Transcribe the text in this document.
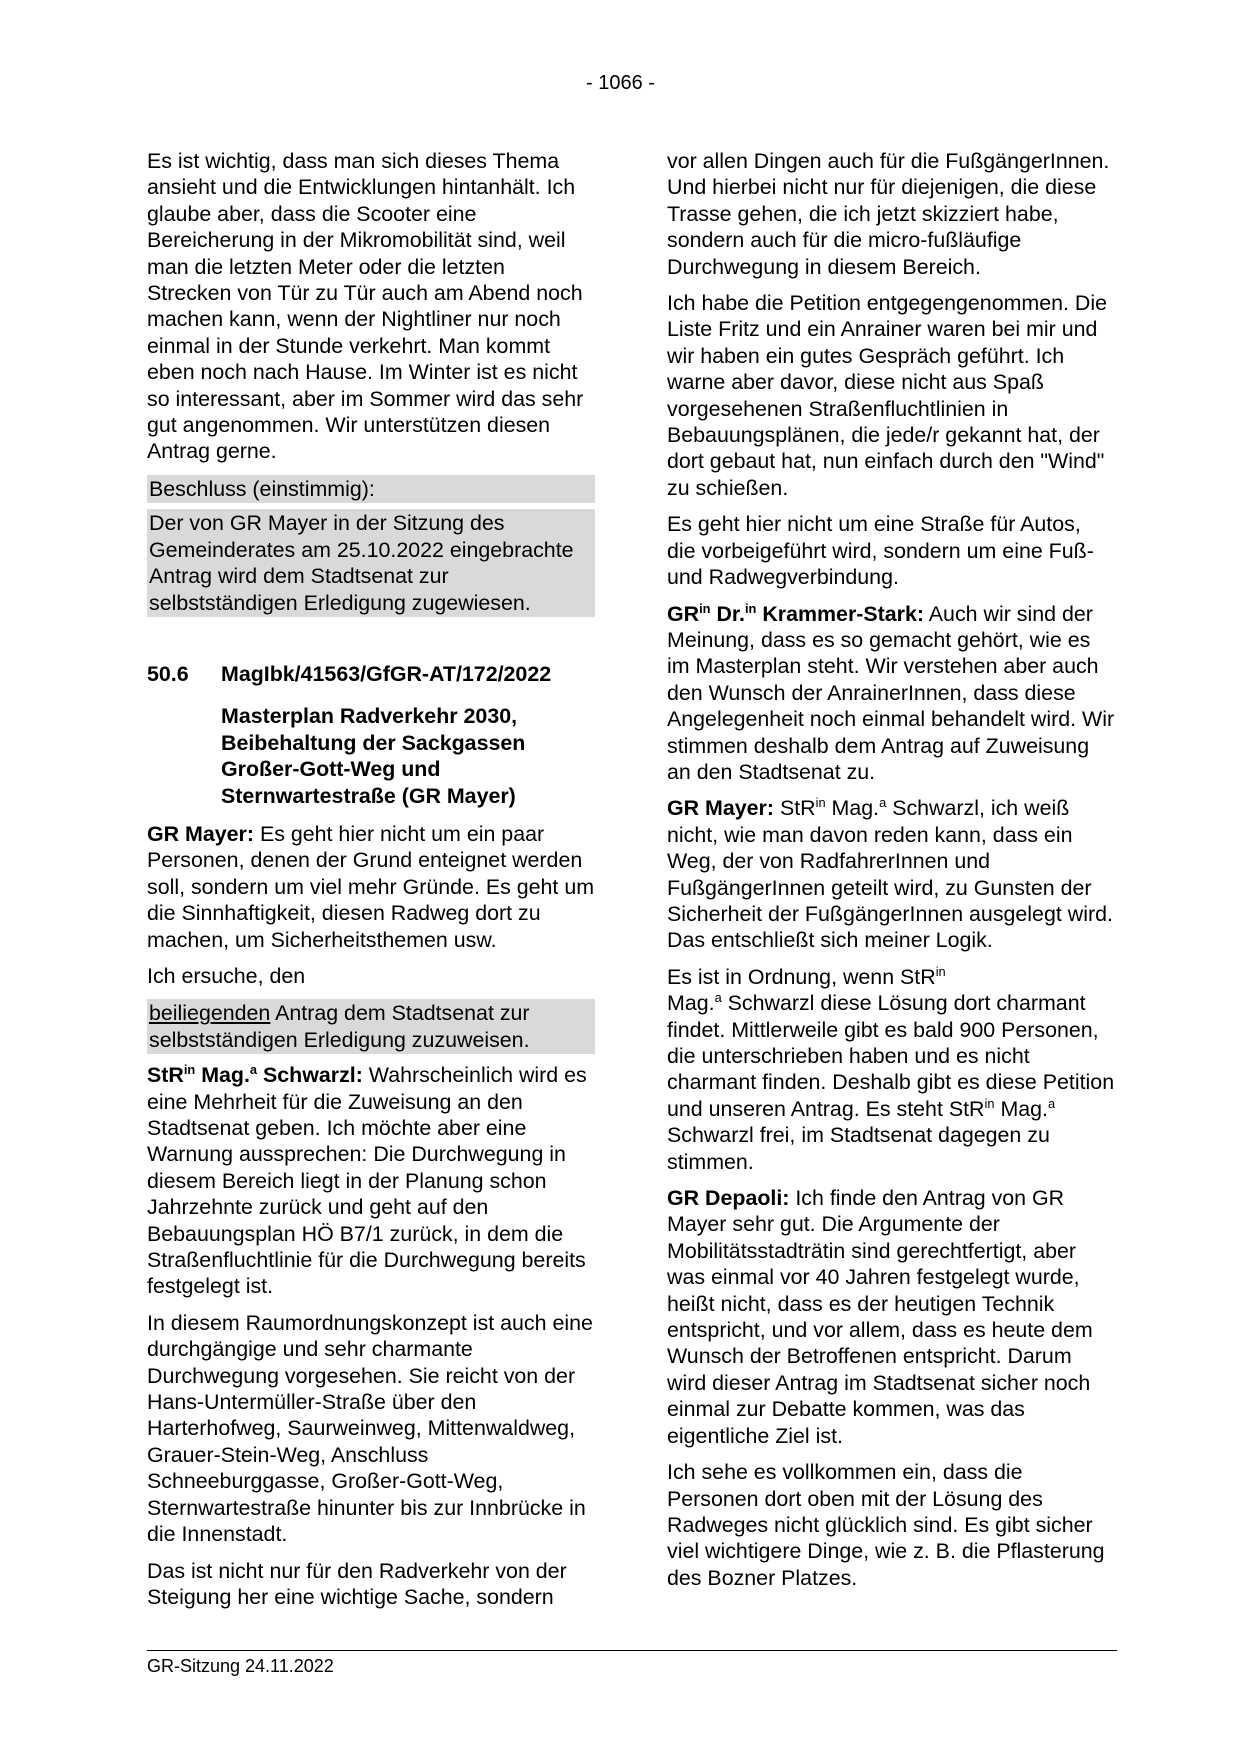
- 1066 -

Es ist wichtig, dass man sich dieses Thema ansieht und die Entwicklungen hintanhält. Ich glaube aber, dass die Scooter eine Bereicherung in der Mikromobilität sind, weil man die letzten Meter oder die letzten Strecken von Tür zu Tür auch am Abend noch machen kann, wenn der Nightliner nur noch einmal in der Stunde verkehrt. Man kommt eben noch nach Hause. Im Winter ist es nicht so interessant, aber im Sommer wird das sehr gut angenommen. Wir unterstützen diesen Antrag gerne.

Beschluss (einstimmig):

Der von GR Mayer in der Sitzung des Gemeinderates am 25.10.2022 eingebrachte Antrag wird dem Stadtsenat zur selbstständigen Erledigung zugewiesen.

50.6	MagIbk/41563/GfGR-AT/172/2022

Masterplan Radverkehr 2030, Beibehaltung der Sackgassen Großer-Gott-Weg und Sternwartestraße (GR Mayer)

GR Mayer: Es geht hier nicht um ein paar Personen, denen der Grund enteignet werden soll, sondern um viel mehr Gründe. Es geht um die Sinnhaftigkeit, diesen Radweg dort zu machen, um Sicherheitsthemen usw.

Ich ersuche, den

beiliegenden Antrag dem Stadtsenat zur selbstständigen Erledigung zuzuweisen.

StR$^{in}$ Mag.$^a$ Schwarzl: Wahrscheinlich wird es eine Mehrheit für die Zuweisung an den Stadtsenat geben. Ich möchte aber eine Warnung aussprechen: Die Durchwegung in diesem Bereich liegt in der Planung schon Jahrzehnte zurück und geht auf den Bebauungsplan HÖ B7/1 zurück, in dem die Straßenfluchtlinie für die Durchwegung bereits festgelegt ist.

In diesem Raumordnungskonzept ist auch eine durchgängige und sehr charmante Durchwegung vorgesehen. Sie reicht von der Hans-Untermüller-Straße über den Harterhofweg, Saurweinweg, Mittenwaldweg, Grauer-Stein-Weg, Anschluss Schneeburggasse, Großer-Gott-Weg, Sternwartestraße hinunter bis zur Innbrücke in die Innenstadt.

Das ist nicht nur für den Radverkehr von der Steigung her eine wichtige Sache, sondern

vor allen Dingen auch für die FußgängerInnen. Und hierbei nicht nur für diejenigen, die diese Trasse gehen, die ich jetzt skizziert habe, sondern auch für die micro-fußläufige Durchwegung in diesem Bereich.

Ich habe die Petition entgegengenommen. Die Liste Fritz und ein Anrainer waren bei mir und wir haben ein gutes Gespräch geführt. Ich warne aber davor, diese nicht aus Spaß vorgesehenen Straßenfluchtlinien in Bebauungsplänen, die jede/r gekannt hat, der dort gebaut hat, nun einfach durch den "Wind" zu schießen.

Es geht hier nicht um eine Straße für Autos, die vorbeigeführt wird, sondern um eine Fuß- und Radwegverbindung.

$GR^{in}$ Dr.$^{in}$ Krammer-Stark: Auch wir sind der Meinung, dass es so gemacht gehört, wie es im Masterplan steht. Wir verstehen aber auch den Wunsch der AnrainerInnen, dass diese Angelegenheit noch einmal behandelt wird. Wir stimmen deshalb dem Antrag auf Zuweisung an den Stadtsenat zu.

GR Mayer: StR$^{in}$ Mag.$^a$ Schwarzl, ich weiß nicht, wie man davon reden kann, dass ein Weg, der von RadfahrerInnen und FußgängerInnen geteilt wird, zu Gunsten der Sicherheit der FußgängerInnen ausgelegt wird. Das entschließt sich meiner Logik.

Es ist in Ordnung, wenn StR$^{in}$
Mag.$^a$ Schwarzl diese Lösung dort charmant findet. Mittlerweile gibt es bald 900 Personen, die unterschrieben haben und es nicht charmant finden. Deshalb gibt es diese Petition und unseren Antrag. Es steht StR$^{in}$ Mag.$^a$ Schwarzl frei, im Stadtsenat dagegen zu stimmen.

GR Depaoli: Ich finde den Antrag von GR Mayer sehr gut. Die Argumente der Mobilitätsstadträtin sind gerechtfertigt, aber was einmal vor 40 Jahren festgelegt wurde, heißt nicht, dass es der heutigen Technik entspricht, und vor allem, dass es heute dem Wunsch der Betroffenen entspricht. Darum wird dieser Antrag im Stadtsenat sicher noch einmal zur Debatte kommen, was das eigentliche Ziel ist.

Ich sehe es vollkommen ein, dass die Personen dort oben mit der Lösung des Radweges nicht glücklich sind. Es gibt sicher viel wichtigere Dinge, wie z. B. die Pflasterung des Bozner Platzes.

GR-Sitzung 24.11.2022
